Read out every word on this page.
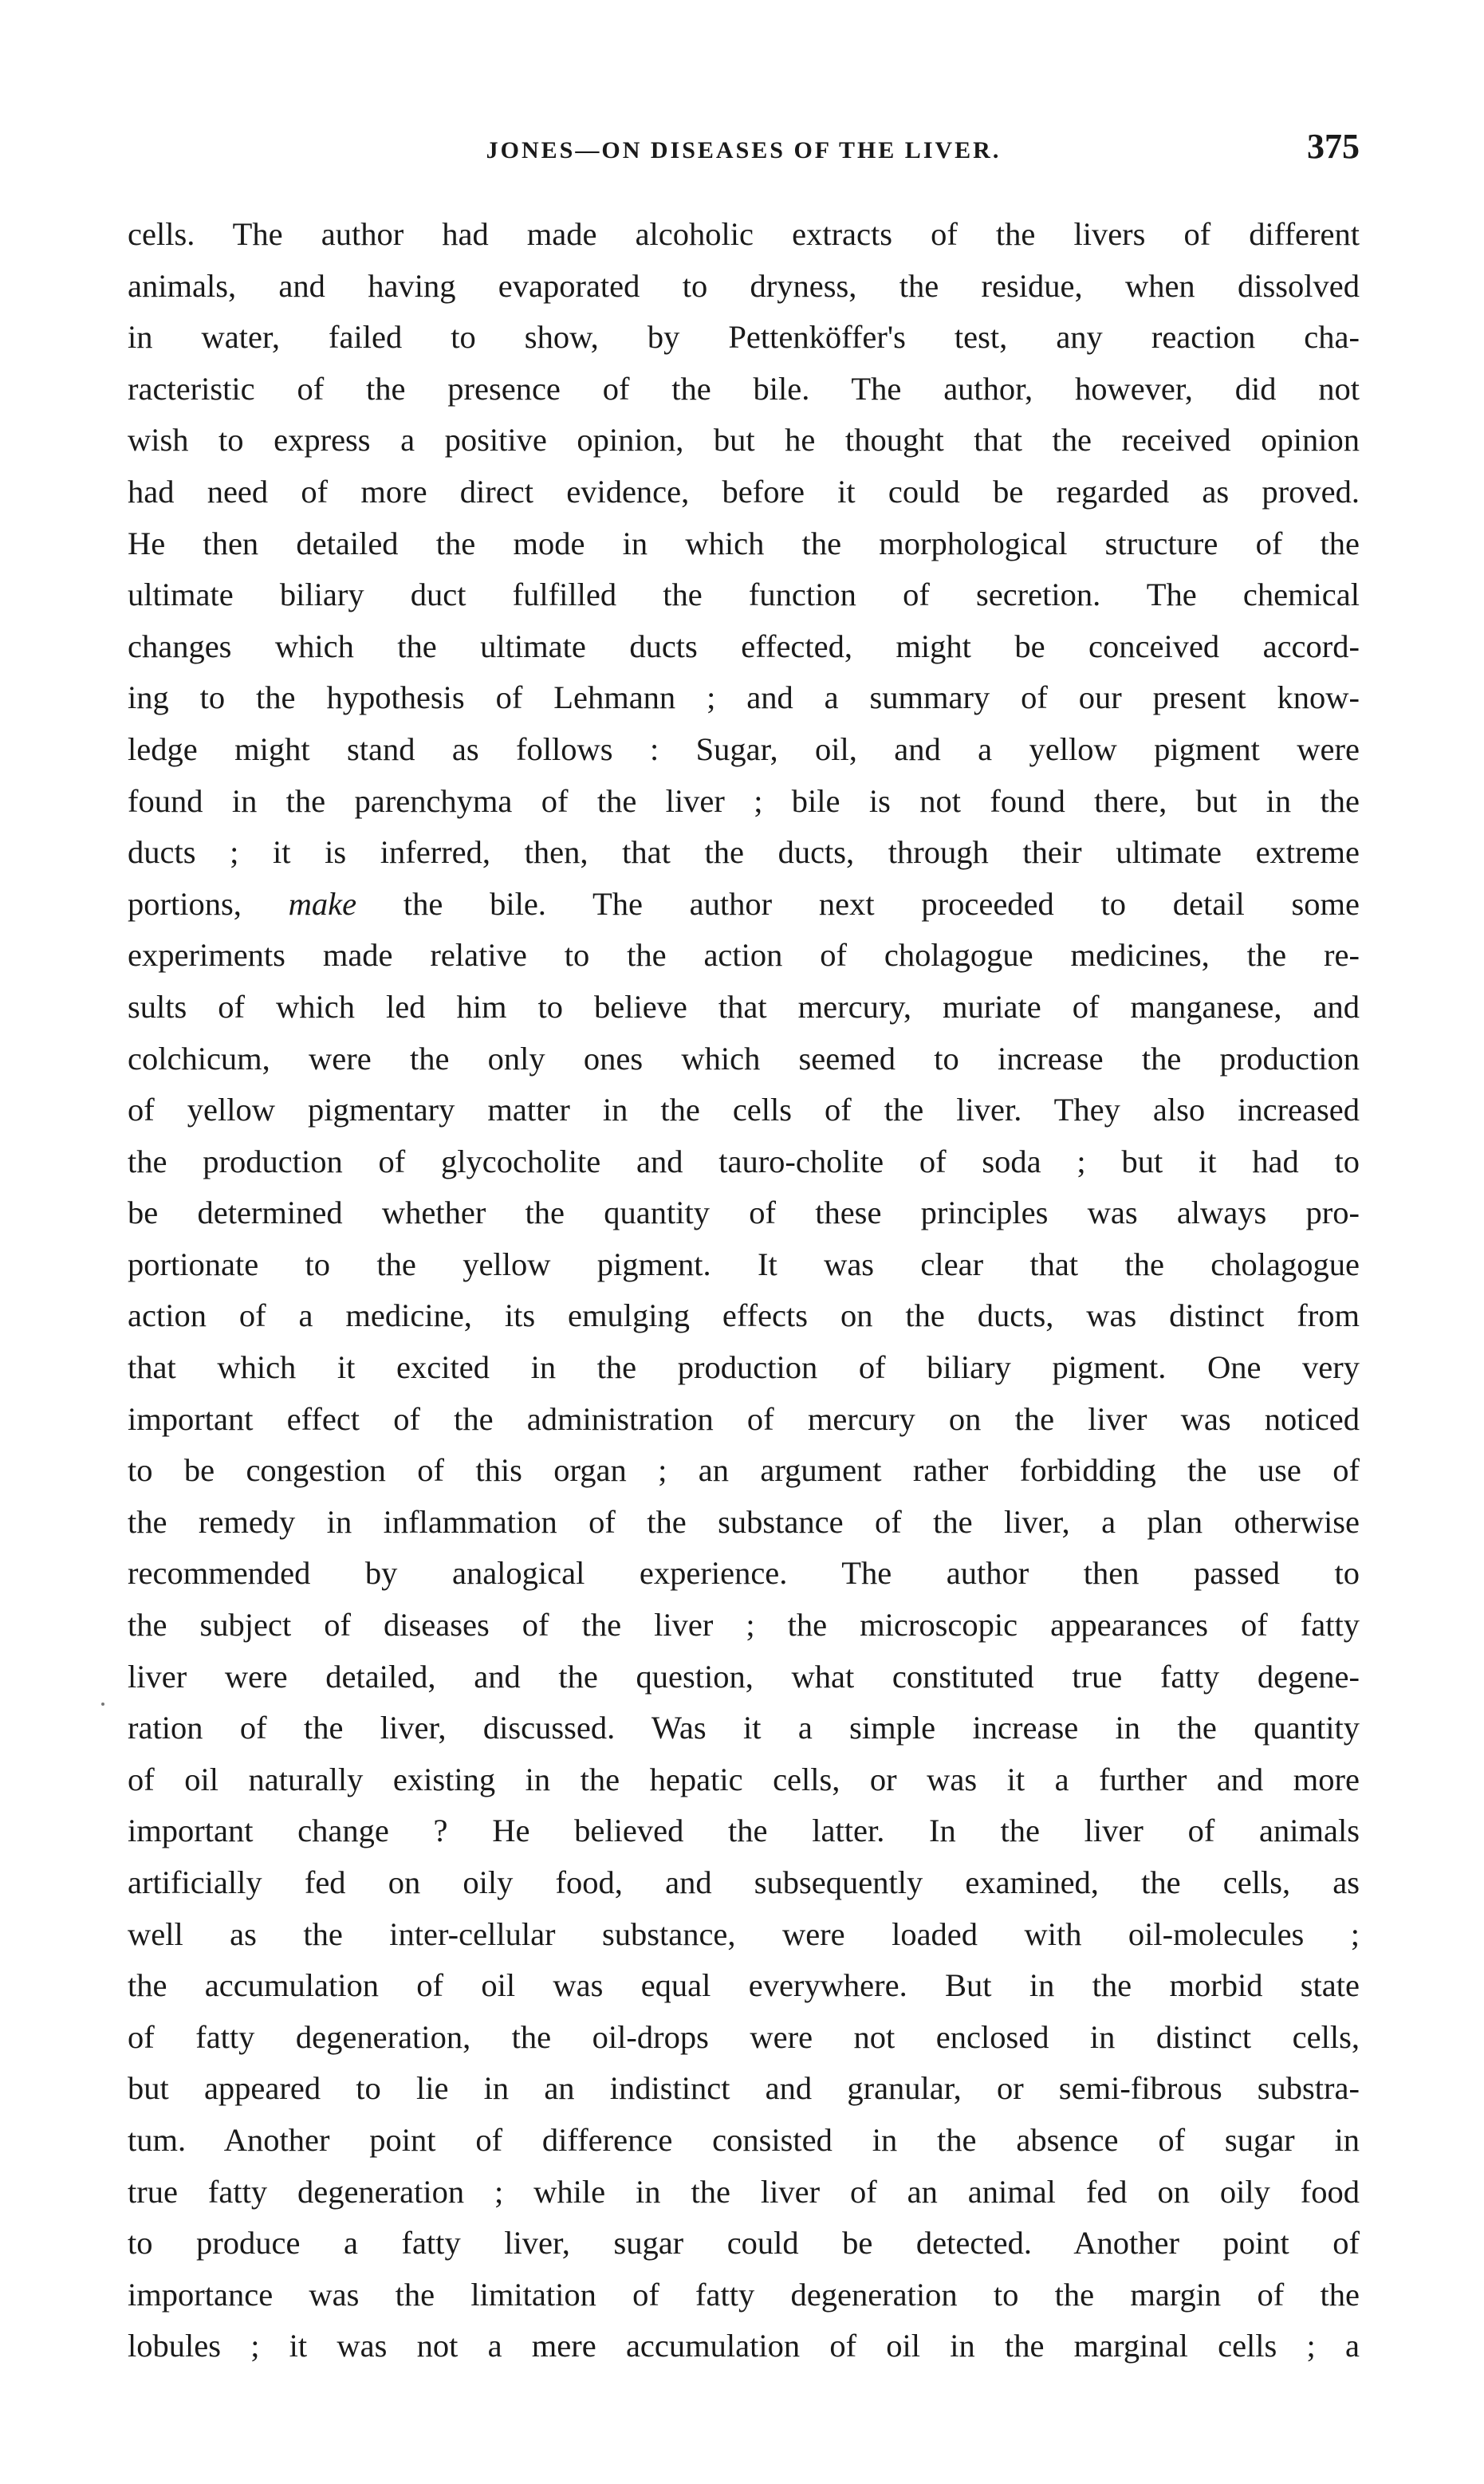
JONES—ON DISEASES OF THE LIVER.	375
cells. The author had made alcoholic extracts of the livers of different
animals, and having evaporated to dryness, the residue, when dissolved
in water, failed to show, by Pettenköffer's test, any reaction cha-
racteristic of the presence of the bile. The author, however, did not
wish to express a positive opinion, but he thought that the received opinion
had need of more direct evidence, before it could be regarded as proved.
He then detailed the mode in which the morphological structure of the
ultimate biliary duct fulfilled the function of secretion. The chemical
changes which the ultimate ducts effected, might be conceived accord-
ing to the hypothesis of Lehmann ; and a summary of our present know-
ledge might stand as follows : Sugar, oil, and a yellow pigment were
found in the parenchyma of the liver ; bile is not found there, but in the
ducts ; it is inferred, then, that the ducts, through their ultimate extreme
portions, make the bile. The author next proceeded to detail some
experiments made relative to the action of cholagogue medicines, the re-
sults of which led him to believe that mercury, muriate of manganese, and
colchicum, were the only ones which seemed to increase the production
of yellow pigmentary matter in the cells of the liver. They also increased
the production of glycocholite and tauro-cholite of soda ; but it had to
be determined whether the quantity of these principles was always pro-
portionate to the yellow pigment. It was clear that the cholagogue
action of a medicine, its emulging effects on the ducts, was distinct from
that which it excited in the production of biliary pigment. One very
important effect of the administration of mercury on the liver was noticed
to be congestion of this organ ; an argument rather forbidding the use of
the remedy in inflammation of the substance of the liver, a plan otherwise
recommended by analogical experience. The author then passed to
the subject of diseases of the liver ; the microscopic appearances of fatty
liver were detailed, and the question, what constituted true fatty degene-
ration of the liver, discussed. Was it a simple increase in the quantity
of oil naturally existing in the hepatic cells, or was it a further and more
important change ? He believed the latter. In the liver of animals
artificially fed on oily food, and subsequently examined, the cells, as
well as the inter-cellular substance, were loaded with oil-molecules ;
the accumulation of oil was equal everywhere. But in the morbid state
of fatty degeneration, the oil-drops were not enclosed in distinct cells,
but appeared to lie in an indistinct and granular, or semi-fibrous substra-
tum. Another point of difference consisted in the absence of sugar in
true fatty degeneration ; while in the liver of an animal fed on oily food
to produce a fatty liver, sugar could be detected. Another point of
importance was the limitation of fatty degeneration to the margin of the
lobules ; it was not a mere accumulation of oil in the marginal cells ; a
